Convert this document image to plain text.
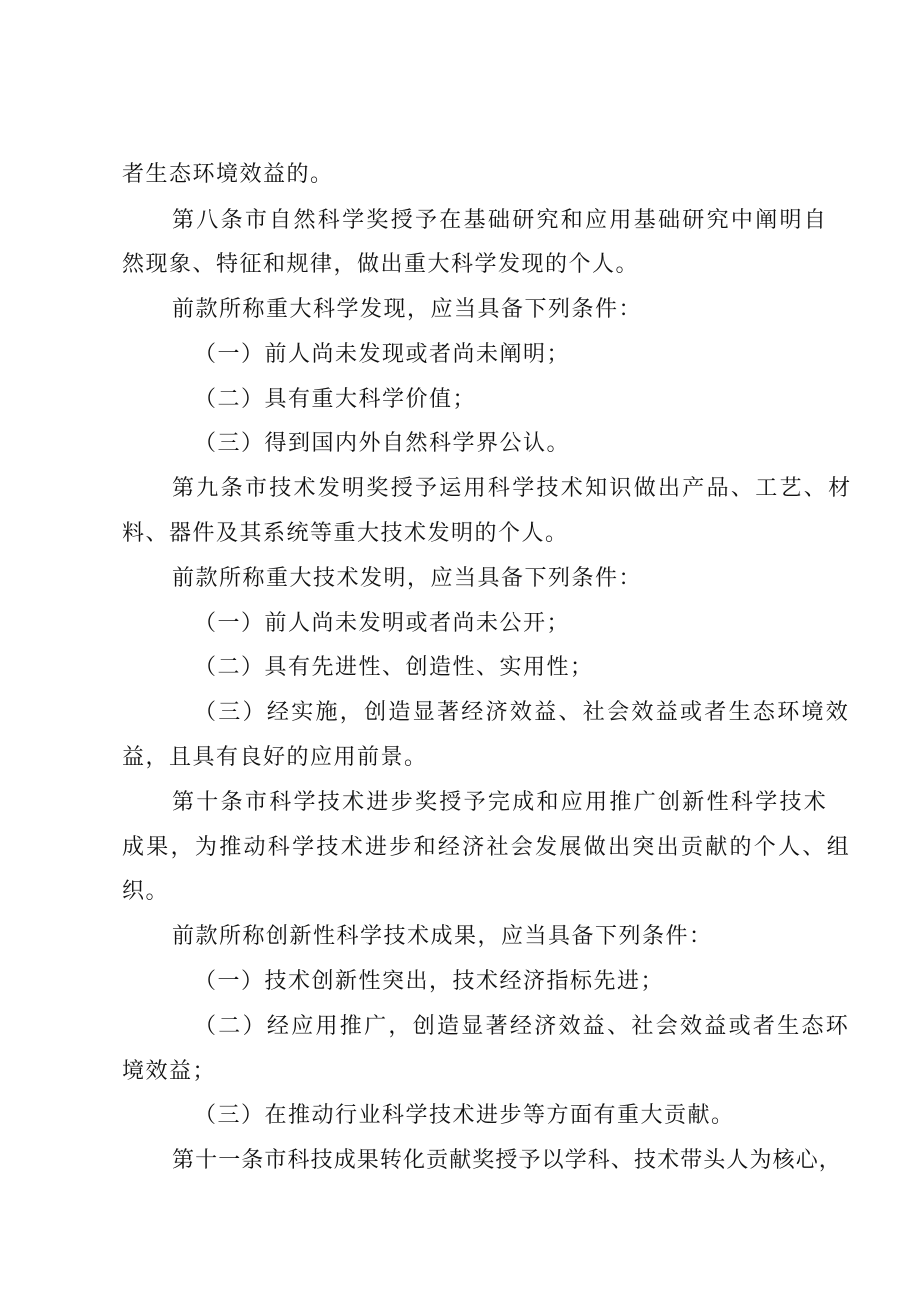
者生态环境效益的。
第八条市自然科学奖授予在基础研究和应用基础研究中阐明自
然现象、特征和规律，做出重大科学发现的个人。
前款所称重大科学发现，应当具备下列条件：
（一）前人尚未发现或者尚未阐明；
（二）具有重大科学价值；
（三）得到国内外自然科学界公认。
第九条市技术发明奖授予运用科学技术知识做出产品、工艺、材
料、器件及其系统等重大技术发明的个人。
前款所称重大技术发明，应当具备下列条件：
（一）前人尚未发明或者尚未公开；
（二）具有先进性、创造性、实用性；
（三）经实施，创造显著经济效益、社会效益或者生态环境效
益，且具有良好的应用前景。
第十条市科学技术进步奖授予完成和应用推广创新性科学技术
成果，为推动科学技术进步和经济社会发展做出突出贡献的个人、组
织。
前款所称创新性科学技术成果，应当具备下列条件：
（一）技术创新性突出，技术经济指标先进；
（二）经应用推广，创造显著经济效益、社会效益或者生态环
境效益；
（三）在推动行业科学技术进步等方面有重大贡献。
第十一条市科技成果转化贡献奖授予以学科、技术带头人为核心，
